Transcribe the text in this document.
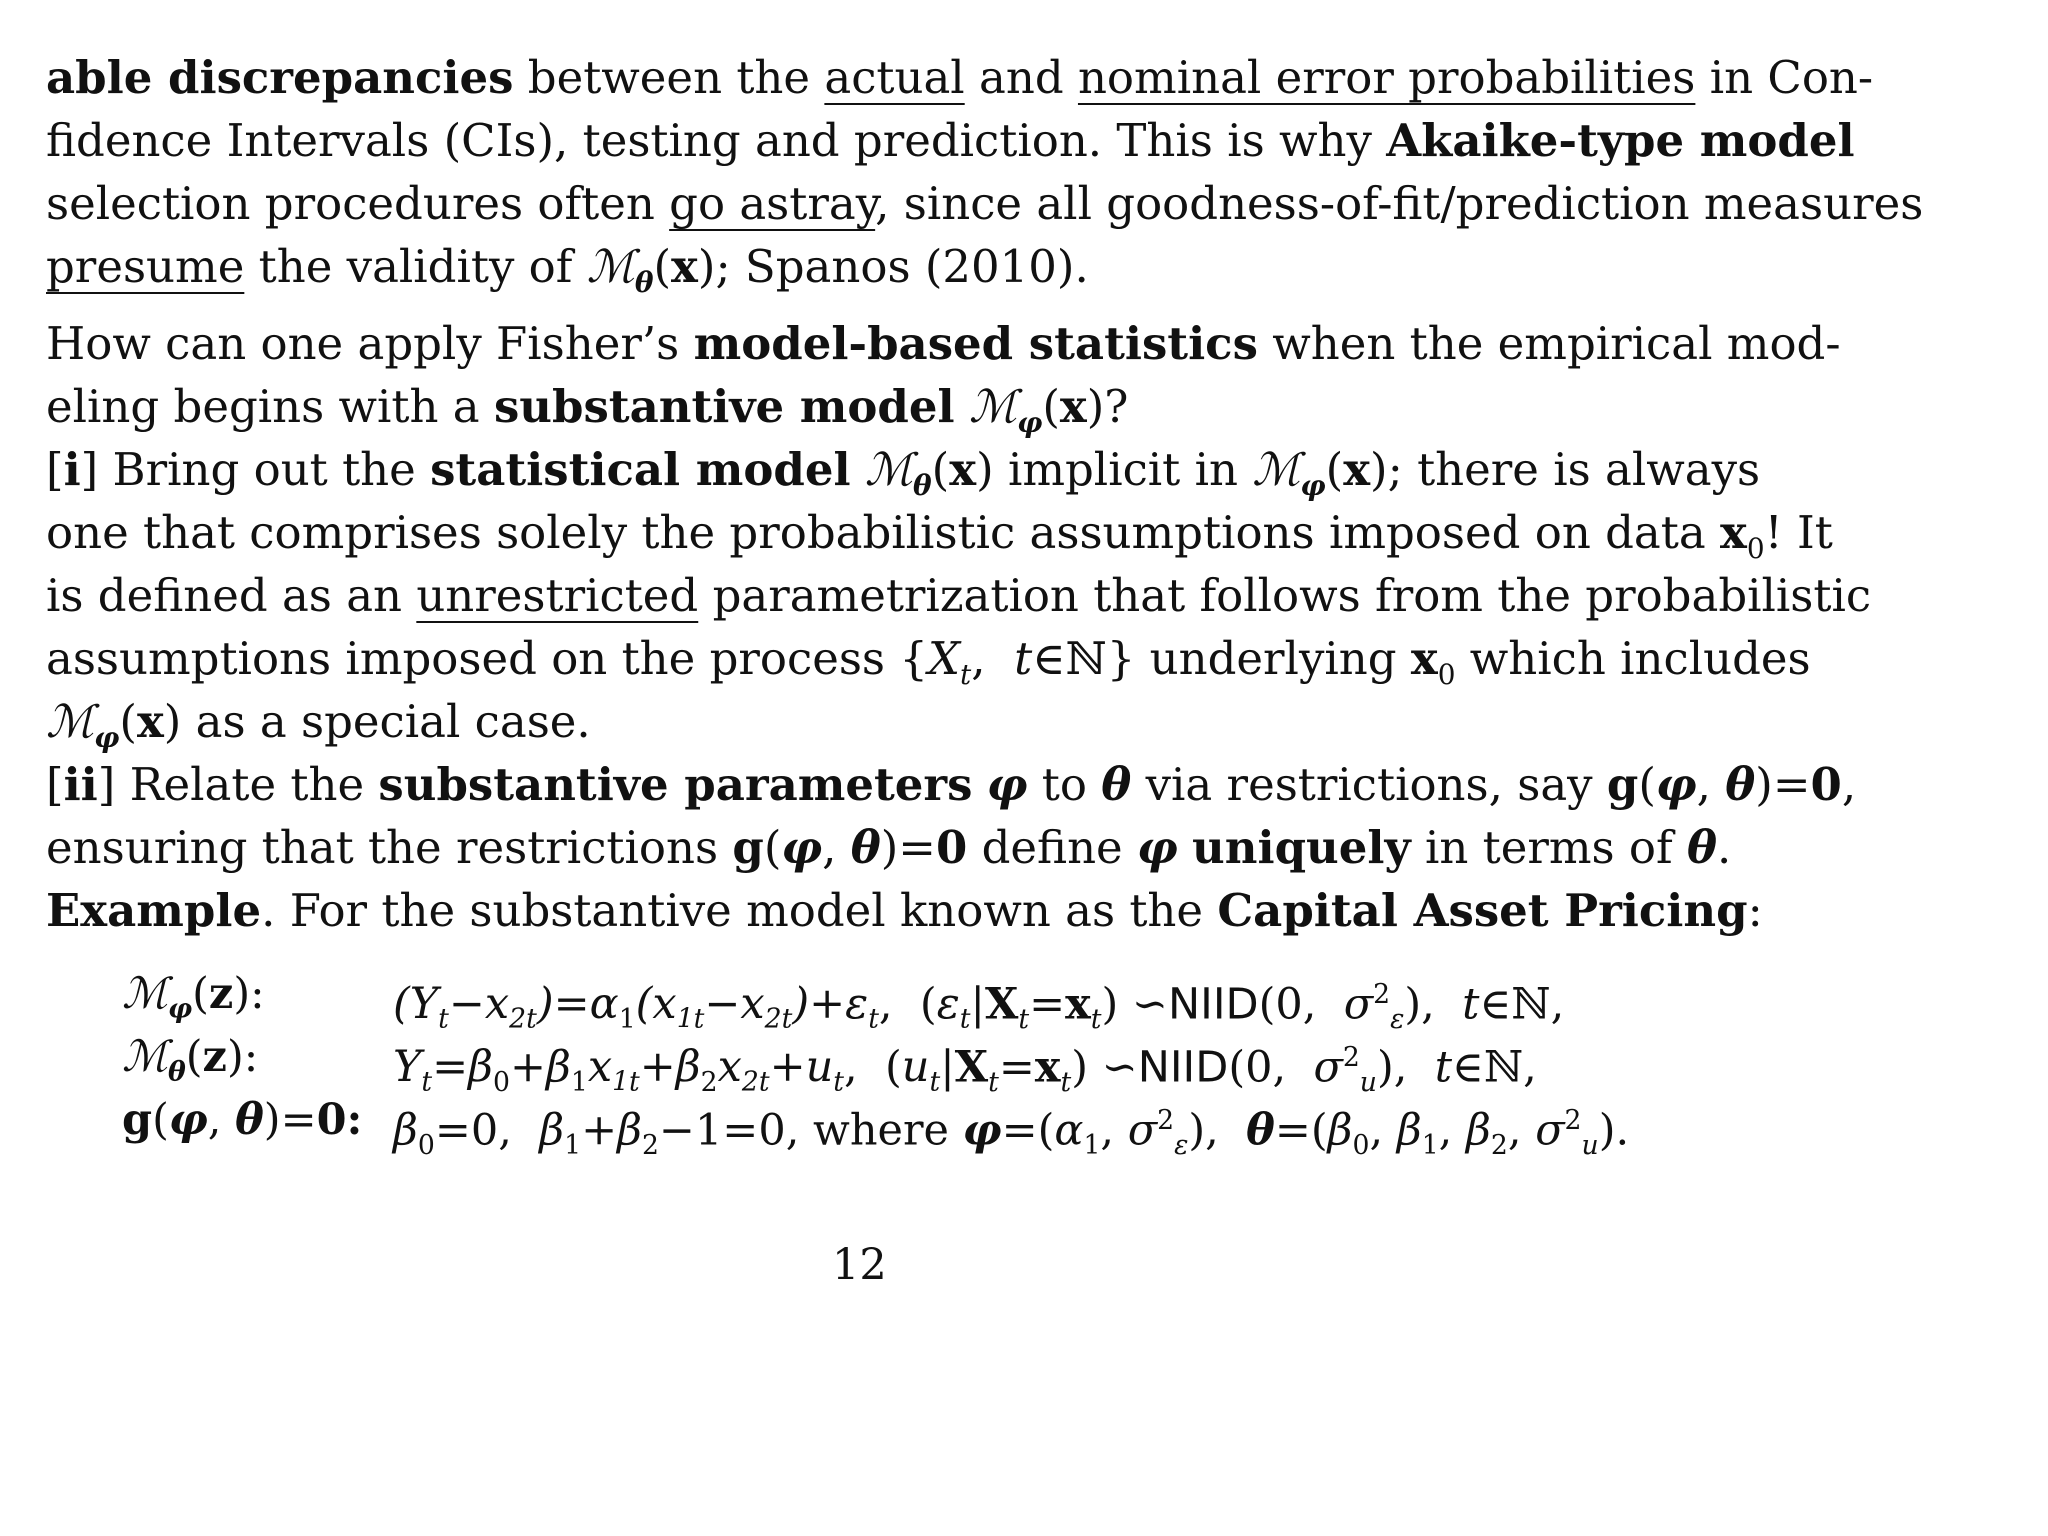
able discrepancies between the actual and nominal error probabilities in Con-
fidence Intervals (CIs), testing and prediction. This is why Akaike-type model
selection procedures often go astray, since all goodness-of-fit/prediction measures
presume the validity of ℳ$_\theta$(x); Spanos (2010).
How can one apply Fisher’s model-based statistics when the empirical mod-
eling begins with a substantive model ℳ$_\varphi$(x)?
[i] Bring out the statistical model ℳ$_\theta$(x) implicit in ℳ$_\varphi$(x); there is always
one that comprises solely the probabilistic assumptions imposed on data $x_0$! It
is defined as an unrestricted parametrization that follows from the probabilistic
assumptions imposed on the process {$X_t$,  t∈ℕ} underlying $x_0$ which includes
ℳ$_\varphi$(x) as a special case.
[ii] Relate the substantive parameters φ to θ via restrictions, say g(φ, θ)=0,
ensuring that the restrictions g(φ, θ)=0 define φ uniquely in terms of θ.
Example. For the substantive model known as the Capital Asset Pricing:
ℳ$_\varphi$(z):	$(Y_t-x_{2t})=\alpha_1(x_{1t}-x_{2t})+\varepsilon_t$,  $(\varepsilon_t|X_t=x_t)$ ∽NIID(0,  $\sigma^2_\varepsilon$),  t∈ℕ,
ℳ$_\theta$(z):	$Y_t=\beta_0+\beta_1x_{1t}+\beta_2x_{2t}+u_t$,  $(u_t|X_t=x_t)$ ∽NIID(0,  $\sigma^2_u$),  t∈ℕ,
g(φ, θ)=0: $\beta_0=0$,  $\beta_1+\beta_2-1=0$, where $\varphi=(\alpha_1$, $\sigma^2_\varepsilon$),  $\theta=(\beta_0$, $\beta_1$, $\beta_2$, $\sigma^2_u$).
12
